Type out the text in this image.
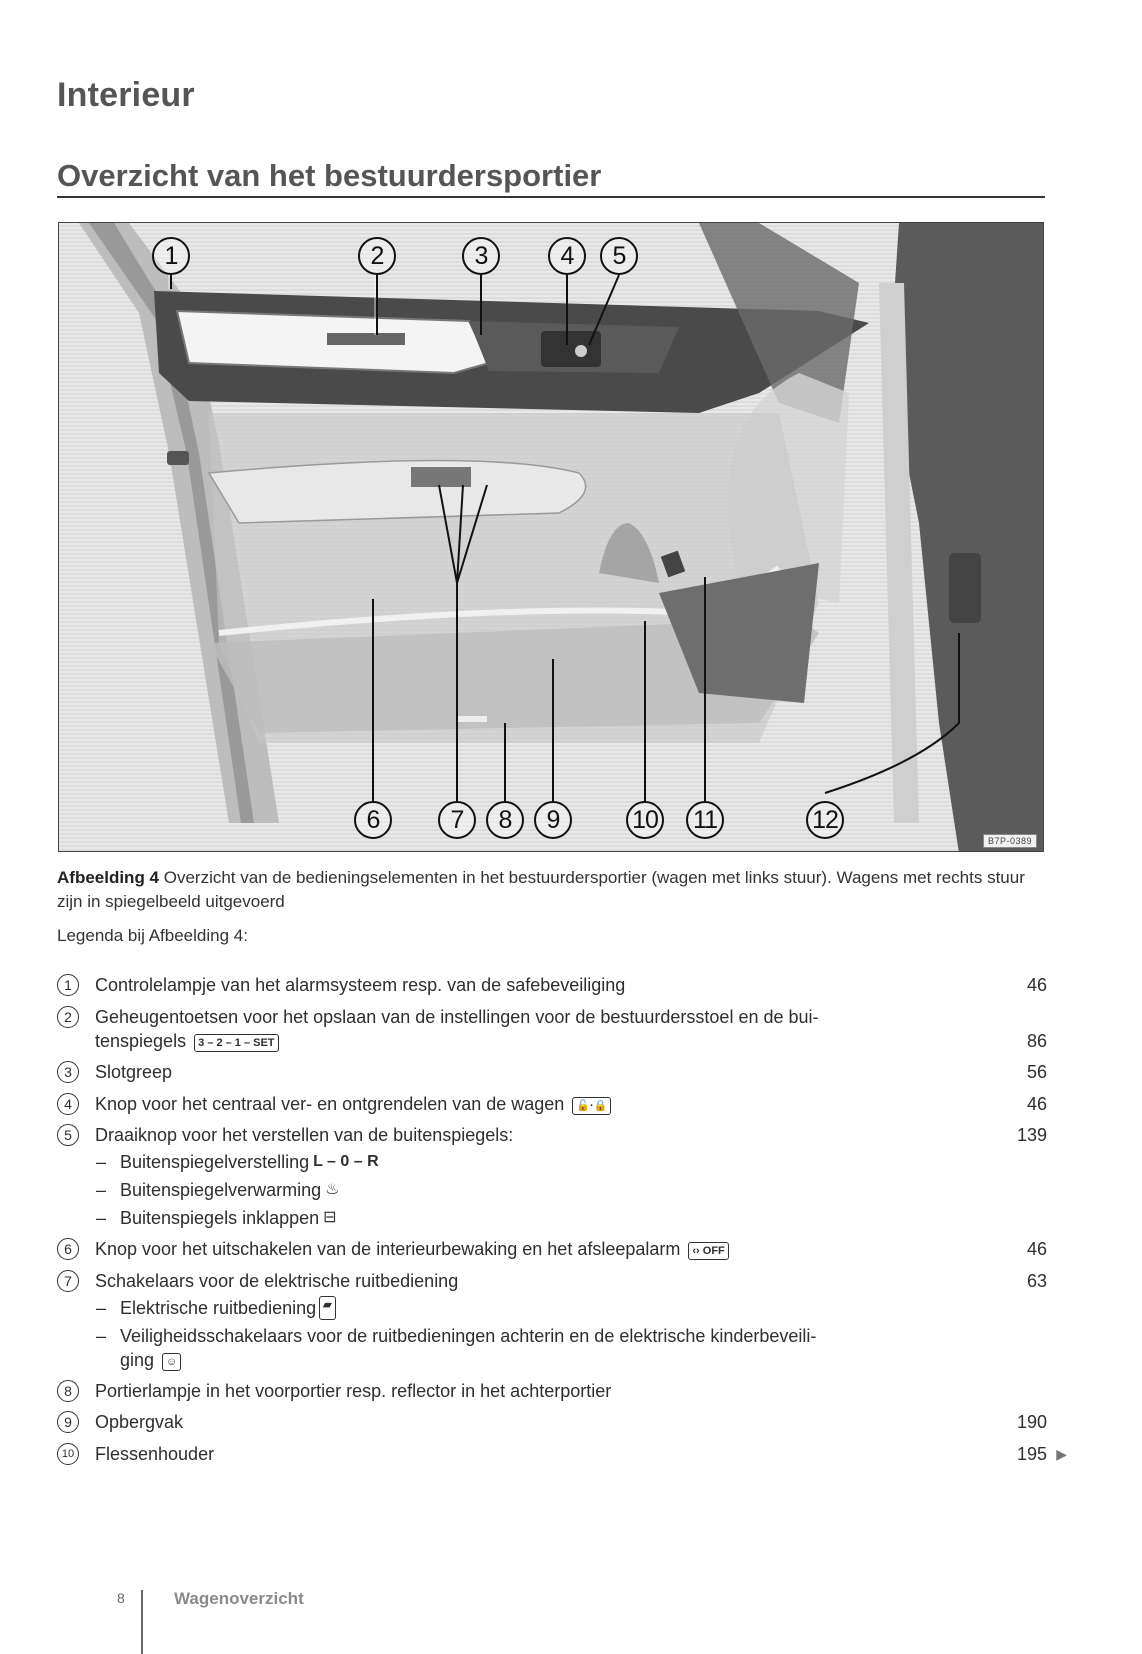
Interieur
Overzicht van het bestuurdersportier
1	2	3	4	5
6	7	8	9	10 11	12
B7P-0389
Afbeelding 4 Overzicht van de bedieningselementen in het bestuurdersportier (wagen met links stuur). Wagens met rechts stuur zijn in spiegelbeeld uitgevoerd
Legenda bij Afbeelding 4:
1	Controlelampje van het alarmsysteem resp. van de safebeveiliging	46
2	Geheugentoetsen voor het opslaan van de instellingen voor de bestuurdersstoel en de bui-
tenspiegels 3 – 2 – 1 – SET	86
3	Slotgreep	56
4	Knop voor het centraal ver- en ontgrendelen van de wagen 🔓·🔒	46
5	Draaiknop voor het verstellen van de buitenspiegels:	139
– Buitenspiegelverstelling L – 0 – R
– Buitenspiegelverwarming ♨
– Buitenspiegels inklappen ⊟
6	Knop voor het uitschakelen van de interieurbewaking en het afsleepalarm ‹› OFF	46
7	Schakelaars voor de elektrische ruitbediening	63
– Elektrische ruitbediening ▰
– Veiligheidsschakelaars voor de ruitbedieningen achterin en de elektrische kinderbeveili-
ging ☺
8	Portierlampje in het voorportier resp. reflector in het achterportier
9	Opbergvak	190
10 Flessenhouder	195 ▶
8	Wagenoverzicht
